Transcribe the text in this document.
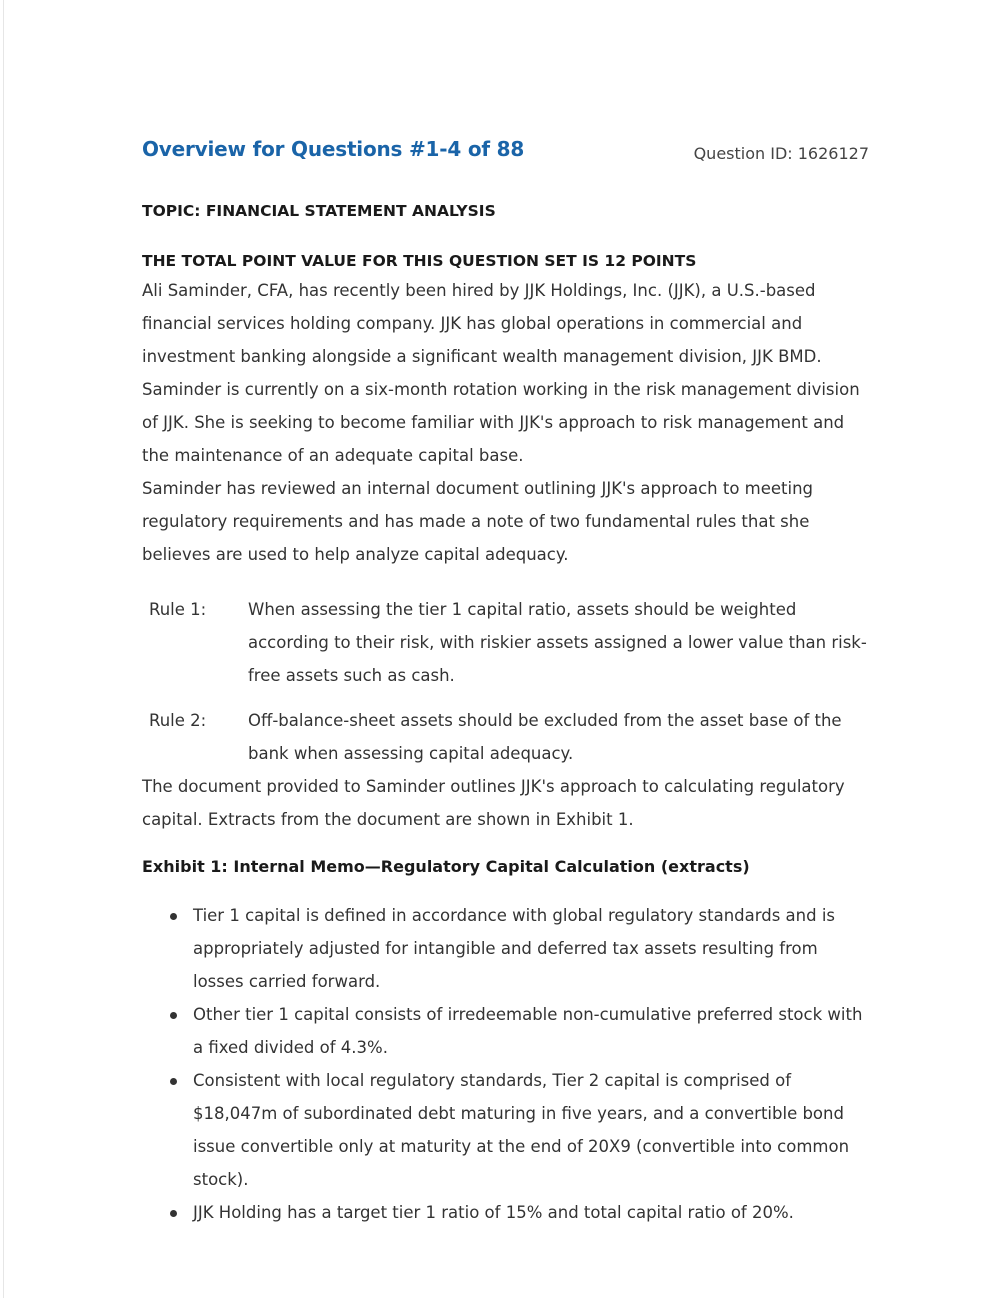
Overview for Questions #1-4 of 88	Question ID: 1626127
TOPIC: FINANCIAL STATEMENT ANALYSIS
THE TOTAL POINT VALUE FOR THIS QUESTION SET IS 12 POINTS

Ali Saminder, CFA, has recently been hired by JJK Holdings, Inc. (JJK), a U.S.-based financial services holding company. JJK has global operations in commercial and investment banking alongside a significant wealth management division, JJK BMD. Saminder is currently on a six-month rotation working in the risk management division of JJK. She is seeking to become familiar with JJK's approach to risk management and the maintenance of an adequate capital base.

Saminder has reviewed an internal document outlining JJK's approach to meeting regulatory requirements and has made a note of two fundamental rules that she believes are used to help analyze capital adequacy.

Rule 1:	When assessing the tier 1 capital ratio, assets should be weighted according to their risk, with riskier assets assigned a lower value than risk-free assets such as cash.
Rule 2:	Off-balance-sheet assets should be excluded from the asset base of the bank when assessing capital adequacy.

The document provided to Saminder outlines JJK's approach to calculating regulatory capital. Extracts from the document are shown in Exhibit 1.

Exhibit 1: Internal Memo—Regulatory Capital Calculation (extracts)
Tier 1 capital is defined in accordance with global regulatory standards and is appropriately adjusted for intangible and deferred tax assets resulting from losses carried forward.
Other tier 1 capital consists of irredeemable non-cumulative preferred stock with a fixed divided of 4.3%.
Consistent with local regulatory standards, Tier 2 capital is comprised of $18,047m of subordinated debt maturing in five years, and a convertible bond issue convertible only at maturity at the end of 20X9 (convertible into common stock).
JJK Holding has a target tier 1 ratio of 15% and total capital ratio of 20%.
